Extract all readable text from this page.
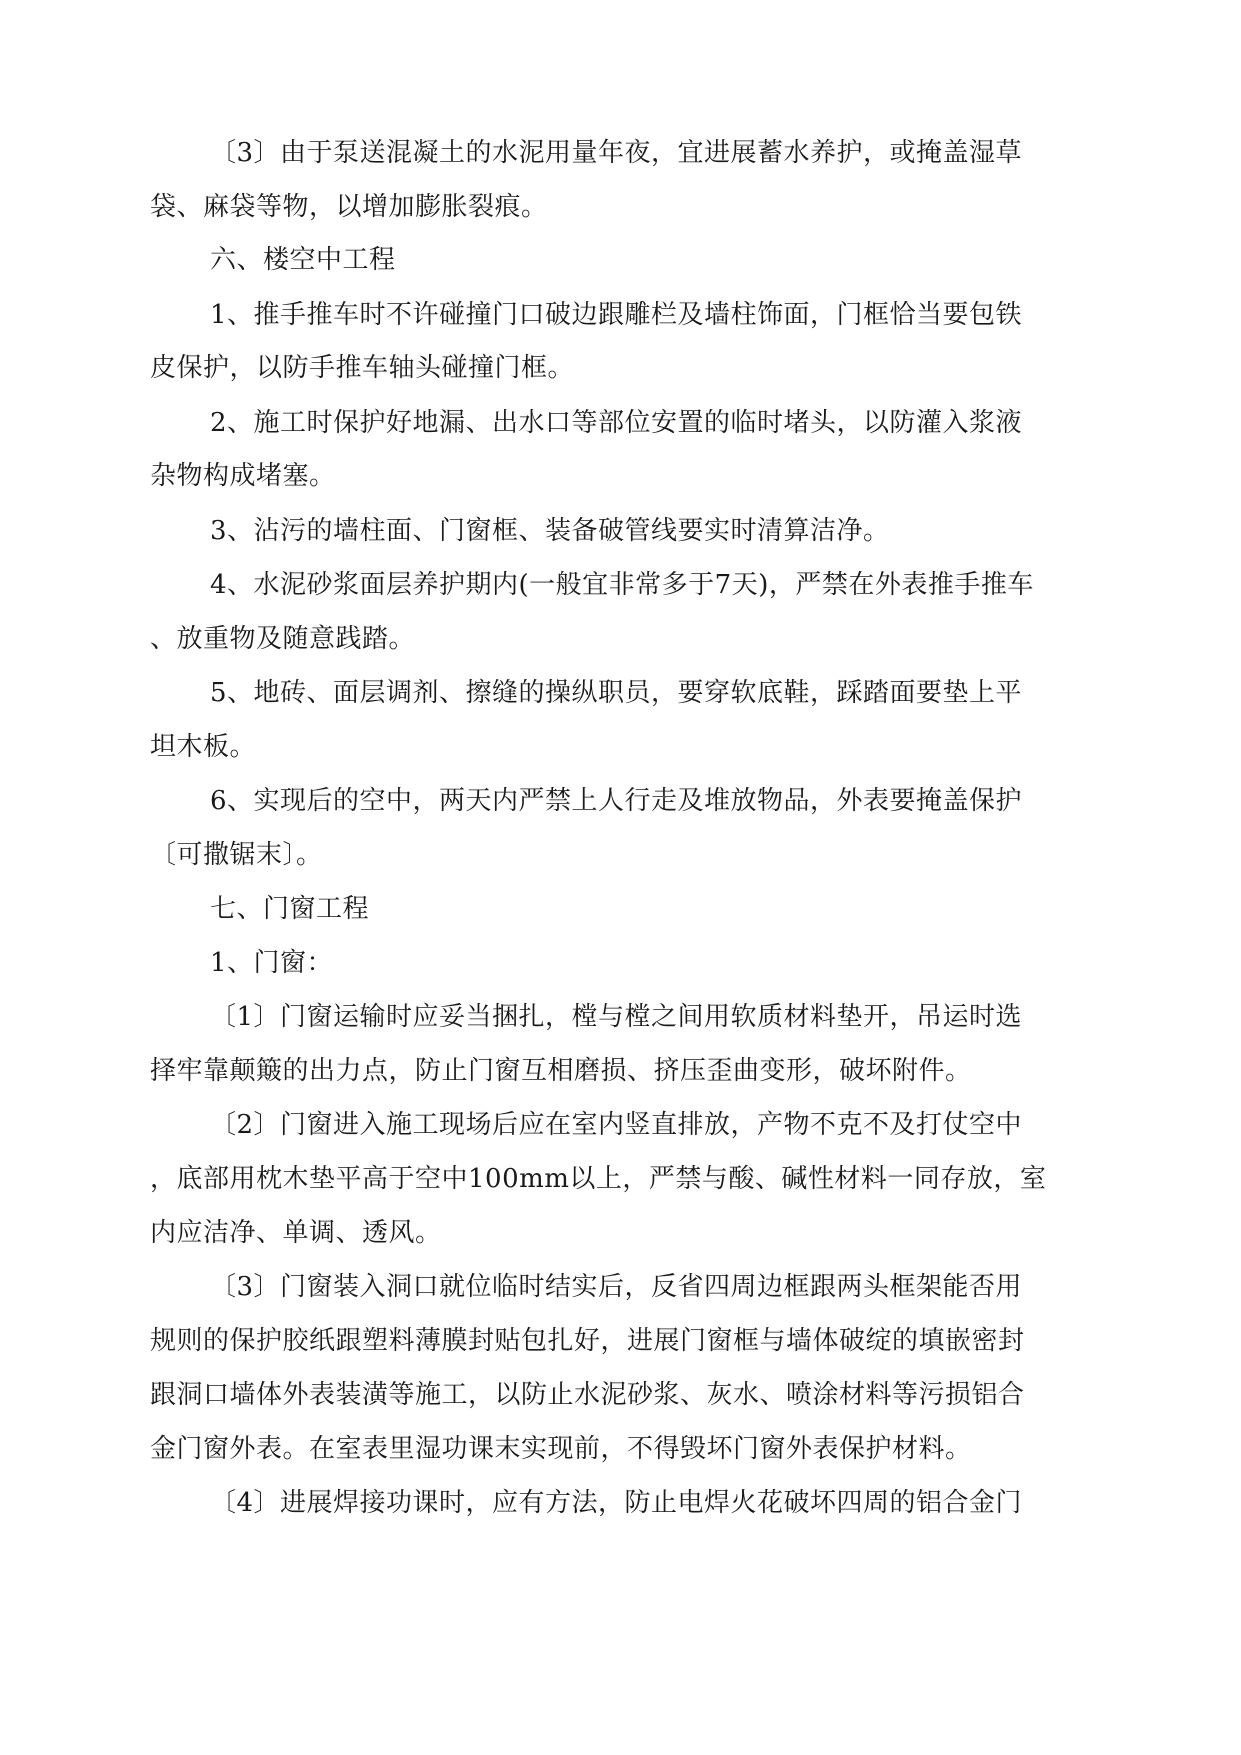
〔3〕由于泵送混凝土的水泥用量年夜，宜进展蓄水养护，或掩盖湿草
袋、麻袋等物，以增加膨胀裂痕。
六、楼空中工程
1、推手推车时不许碰撞门口破边跟雕栏及墙柱饰面，门框恰当要包铁
皮保护，以防手推车轴头碰撞门框。
2、施工时保护好地漏、出水口等部位安置的临时堵头，以防灌入浆液
杂物构成堵塞。
3、沾污的墙柱面、门窗框、装备破管线要实时清算洁净。
4、水泥砂浆面层养护期内(一般宜非常多于7天)，严禁在外表推手推车
、放重物及随意践踏。
5、地砖、面层调剂、擦缝的操纵职员，要穿软底鞋，踩踏面要垫上平
坦木板。
6、实现后的空中，两天内严禁上人行走及堆放物品，外表要掩盖保护
〔可撒锯末〕。
七、门窗工程
1、门窗：
〔1〕门窗运输时应妥当捆扎，樘与樘之间用软质材料垫开，吊运时选
择牢靠颠簸的出力点，防止门窗互相磨损、挤压歪曲变形，破坏附件。
〔2〕门窗进入施工现场后应在室内竖直排放，产物不克不及打仗空中
，底部用枕木垫平高于空中100mm以上，严禁与酸、碱性材料一同存放，室
内应洁净、单调、透风。
〔3〕门窗装入洞口就位临时结实后，反省四周边框跟两头框架能否用
规则的保护胶纸跟塑料薄膜封贴包扎好，进展门窗框与墙体破绽的填嵌密封
跟洞口墙体外表装潢等施工，以防止水泥砂浆、灰水、喷涂材料等污损铝合
金门窗外表。在室表里湿功课末实现前，不得毁坏门窗外表保护材料。
〔4〕进展焊接功课时，应有方法，防止电焊火花破坏四周的铝合金门
